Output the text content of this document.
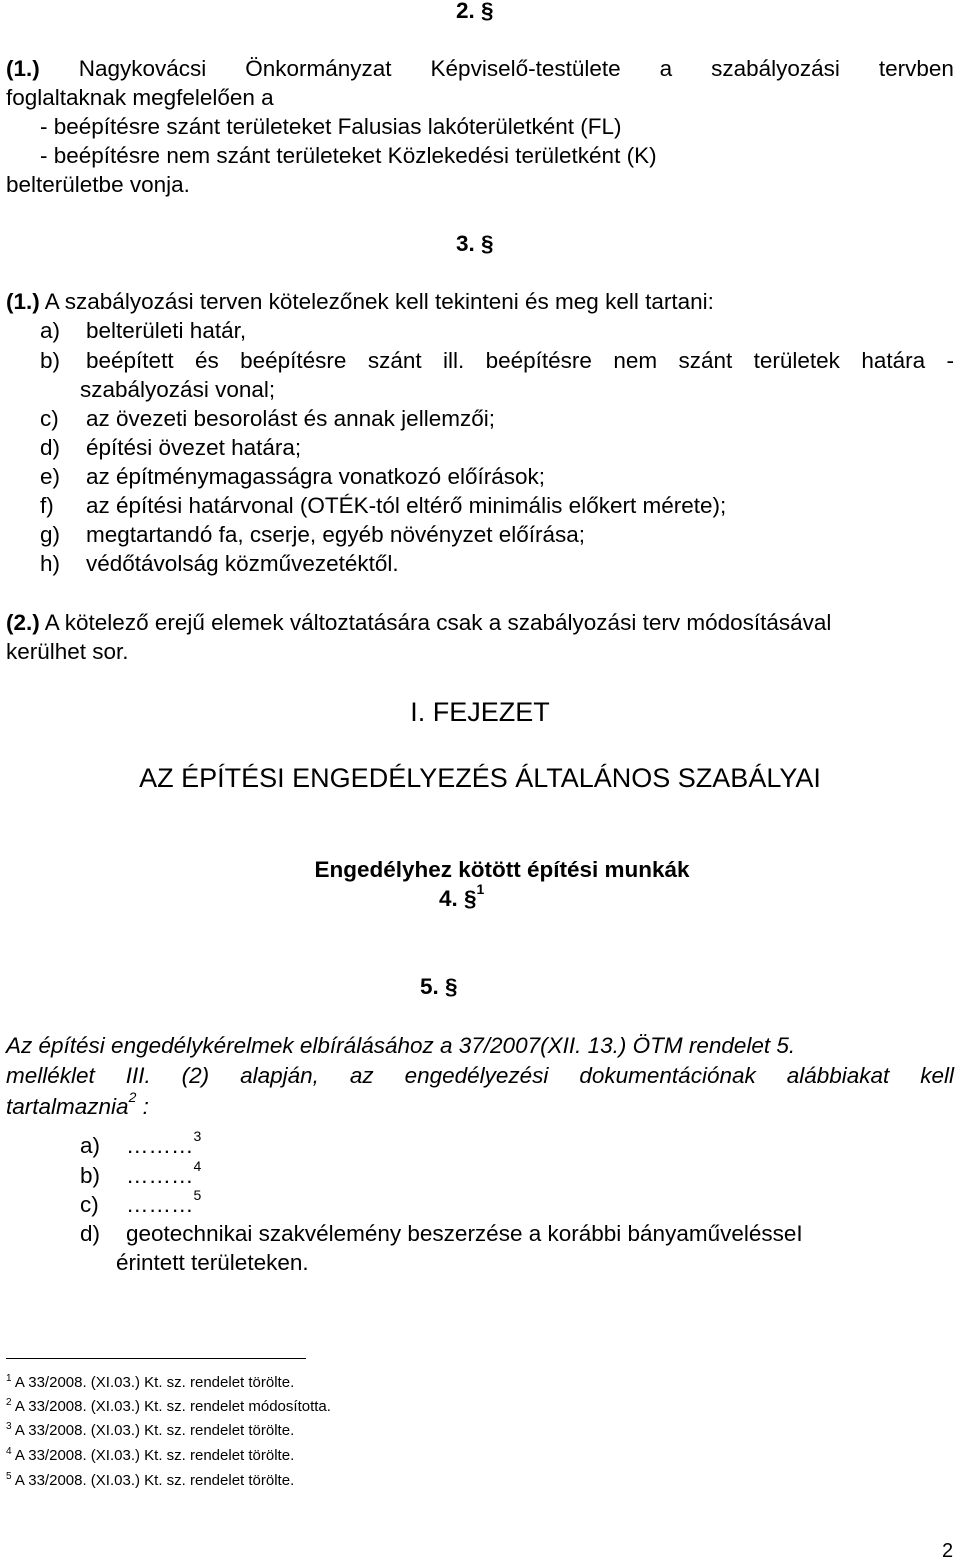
2. §
(1.) Nagykovácsi Önkormányzat Képviselő-testülete a szabályozási tervben
foglaltaknak megfelelően a
- beépítésre szánt területeket Falusias lakóterületként (FL)
- beépítésre nem szánt területeket Közlekedési területként (K)
belterületbe vonja.
3. §
(1.) A szabályozási terven kötelezőnek kell tekinteni és meg kell tartani:
a) belterületi határ,
b) beépített és beépítésre szánt ill. beépítésre nem szánt területek határa -
szabályozási vonal;
c) az övezeti besorolást és annak jellemzői;
d) építési övezet határa;
e) az építménymagasságra vonatkozó előírások;
f) az építési határvonal (OTÉK-tól eltérő minimális előkert mérete);
g) megtartandó fa, cserje, egyéb növényzet előírása;
h) védőtávolság közművezetéktől.
(2.) A kötelező erejű elemek változtatására csak a szabályozási terv módosításával
kerülhet sor.
I. FEJEZET
AZ ÉPÍTÉSI ENGEDÉLYEZÉS ÁLTALÁNOS SZABÁLYAI
Engedélyhez kötött építési munkák
4. §$^1$
5. §
Az építési engedélykérelmek elbírálásához a 37/2007(XII. 13.) ÖTM rendelet 5.
melléklet III. (2) alapján, az engedélyezési dokumentációnak alábbiakat kell
tartalmaznia$^2$ :
a) ………$^3$
b) ………$^4$
c) ………$^5$
d) geotechnikai szakvélemény beszerzése a korábbi bányaművelésseI
érintett területeken.
$^1$ A 33/2008. (XI.03.) Kt. sz. rendelet törölte.
$^2$ A 33/2008. (XI.03.) Kt. sz. rendelet módosította.
$^3$ A 33/2008. (XI.03.) Kt. sz. rendelet törölte.
$^4$ A 33/2008. (XI.03.) Kt. sz. rendelet törölte.
$^5$ A 33/2008. (XI.03.) Kt. sz. rendelet törölte.
2
